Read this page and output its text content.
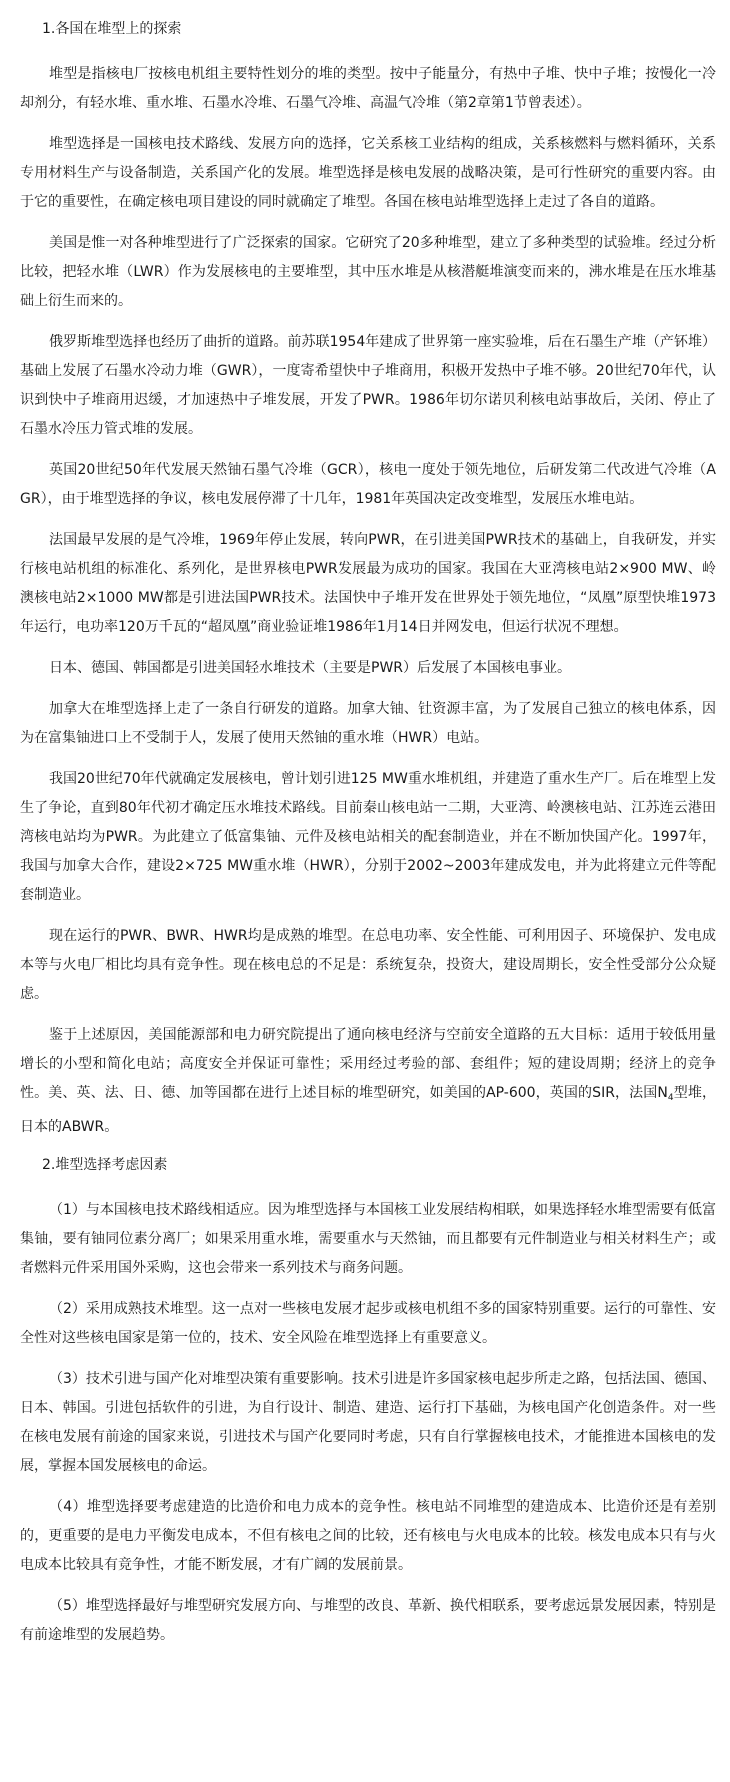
1.各国在堆型上的探索

堆型是指核电厂按核电机组主要特性划分的堆的类型。按中子能量分，有热中子堆、快中子堆；按慢化一冷却剂分，有轻水堆、重水堆、石墨水冷堆、石墨气冷堆、高温气冷堆（第2章第1节曾表述）。

堆型选择是一国核电技术路线、发展方向的选择，它关系核工业结构的组成，关系核燃料与燃料循环，关系专用材料生产与设备制造，关系国产化的发展。堆型选择是核电发展的战略决策，是可行性研究的重要内容。由于它的重要性，在确定核电项目建设的同时就确定了堆型。各国在核电站堆型选择上走过了各自的道路。

美国是惟一对各种堆型进行了广泛探索的国家。它研究了20多种堆型，建立了多种类型的试验堆。经过分析比较，把轻水堆（LWR）作为发展核电的主要堆型，其中压水堆是从核潜艇堆演变而来的，沸水堆是在压水堆基础上衍生而来的。

俄罗斯堆型选择也经历了曲折的道路。前苏联1954年建成了世界第一座实验堆，后在石墨生产堆（产钚堆）基础上发展了石墨水冷动力堆（GWR），一度寄希望快中子堆商用，积极开发热中子堆不够。20世纪70年代，认识到快中子堆商用迟缓，才加速热中子堆发展，开发了PWR。1986年切尔诺贝利核电站事故后，关闭、停止了石墨水冷压力管式堆的发展。

英国20世纪50年代发展天然铀石墨气冷堆（GCR），核电一度处于领先地位，后研发第二代改进气冷堆（AGR），由于堆型选择的争议，核电发展停滞了十几年，1981年英国决定改变堆型，发展压水堆电站。

法国最早发展的是气冷堆，1969年停止发展，转向PWR，在引进美国PWR技术的基础上，自我研发，并实行核电站机组的标准化、系列化，是世界核电PWR发展最为成功的国家。我国在大亚湾核电站2×900 MW、岭澳核电站2×1000 MW都是引进法国PWR技术。法国快中子堆开发在世界处于领先地位，“凤凰”原型快堆1973年运行，电功率120万千瓦的“超凤凰”商业验证堆1986年1月14日并网发电，但运行状况不理想。

日本、德国、韩国都是引进美国轻水堆技术（主要是PWR）后发展了本国核电事业。

加拿大在堆型选择上走了一条自行研发的道路。加拿大铀、钍资源丰富，为了发展自己独立的核电体系，因为在富集铀进口上不受制于人，发展了使用天然铀的重水堆（HWR）电站。

我国20世纪70年代就确定发展核电，曾计划引进125 MW重水堆机组，并建造了重水生产厂。后在堆型上发生了争论，直到80年代初才确定压水堆技术路线。目前秦山核电站一二期，大亚湾、岭澳核电站、江苏连云港田湾核电站均为PWR。为此建立了低富集铀、元件及核电站相关的配套制造业，并在不断加快国产化。1997年，我国与加拿大合作，建设2×725 MW重水堆（HWR），分别于2002~2003年建成发电，并为此将建立元件等配套制造业。

现在运行的PWR、BWR、HWR均是成熟的堆型。在总电功率、安全性能、可利用因子、环境保护、发电成本等与火电厂相比均具有竞争性。现在核电总的不足是：系统复杂，投资大，建设周期长，安全性受部分公众疑虑。

鉴于上述原因，美国能源部和电力研究院提出了通向核电经济与空前安全道路的五大目标：适用于较低用量增长的小型和简化电站；高度安全并保证可靠性；采用经过考验的部、套组件；短的建设周期；经济上的竞争性。美、英、法、日、德、加等国都在进行上述目标的堆型研究，如美国的AP-600，英国的SIR，法国$N_4$型堆，日本的ABWR。

2.堆型选择考虑因素

（1）与本国核电技术路线相适应。因为堆型选择与本国核工业发展结构相联，如果选择轻水堆型需要有低富集铀，要有铀同位素分离厂；如果采用重水堆，需要重水与天然铀，而且都要有元件制造业与相关材料生产；或者燃料元件采用国外采购，这也会带来一系列技术与商务问题。

（2）采用成熟技术堆型。这一点对一些核电发展才起步或核电机组不多的国家特别重要。运行的可靠性、安全性对这些核电国家是第一位的，技术、安全风险在堆型选择上有重要意义。

（3）技术引进与国产化对堆型决策有重要影响。技术引进是许多国家核电起步所走之路，包括法国、德国、日本、韩国。引进包括软件的引进，为自行设计、制造、建造、运行打下基础，为核电国产化创造条件。对一些在核电发展有前途的国家来说，引进技术与国产化要同时考虑，只有自行掌握核电技术，才能推进本国核电的发展，掌握本国发展核电的命运。

（4）堆型选择要考虑建造的比造价和电力成本的竞争性。核电站不同堆型的建造成本、比造价还是有差别的，更重要的是电力平衡发电成本，不但有核电之间的比较，还有核电与火电成本的比较。核发电成本只有与火电成本比较具有竞争性，才能不断发展，才有广阔的发展前景。

（5）堆型选择最好与堆型研究发展方向、与堆型的改良、革新、换代相联系，要考虑远景发展因素，特别是有前途堆型的发展趋势。
